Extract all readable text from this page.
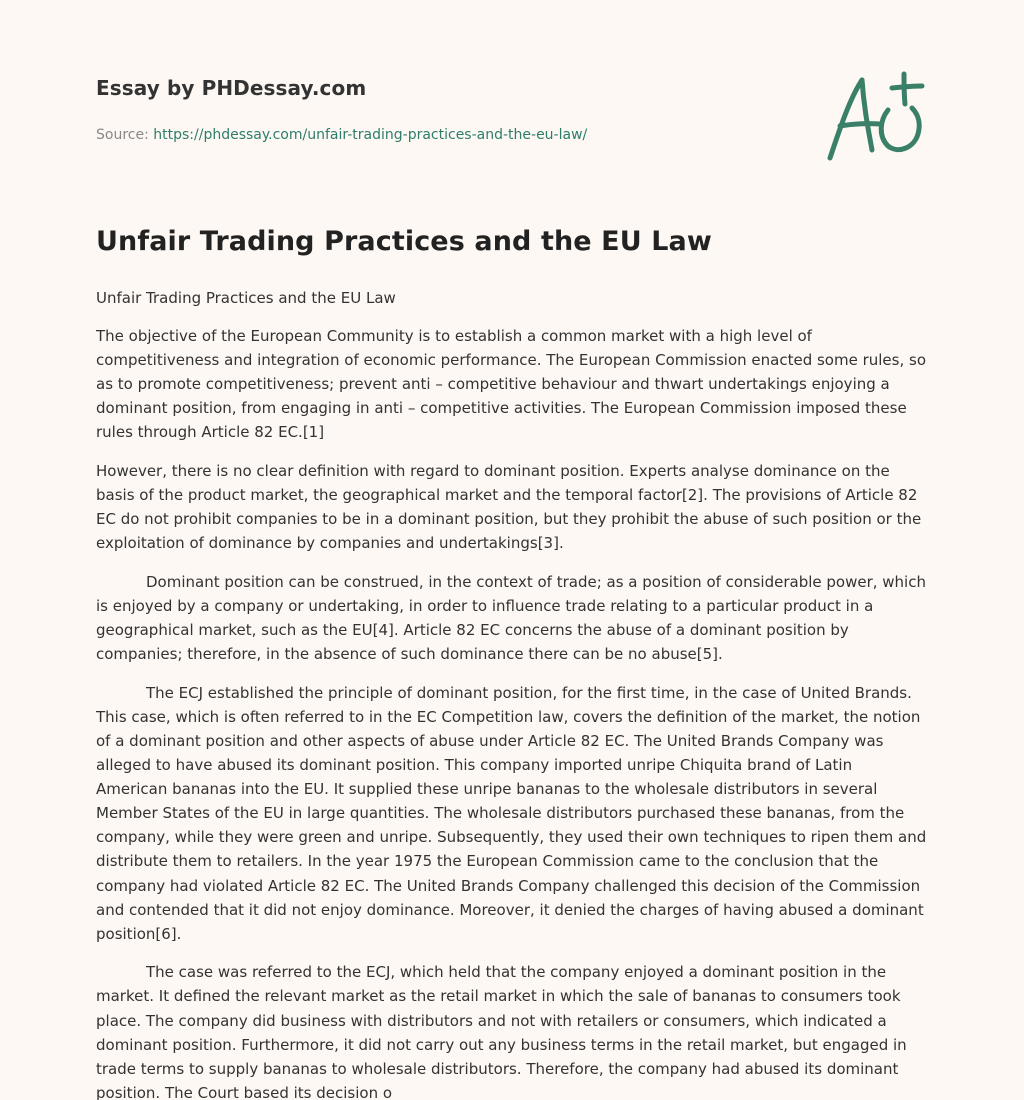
Essay by PHDessay.com
Source: https://phdessay.com/unfair-trading-practices-and-the-eu-law/
Unfair Trading Practices and the EU Law

Unfair Trading Practices and the EU Law

The objective of the European Community is to establish a common market with a high level of competitiveness and integration of economic performance. The European Commission enacted some rules, so as to promote competitiveness; prevent anti – competitive behaviour and thwart undertakings enjoying a dominant position, from engaging in anti – competitive activities. The European Commission imposed these rules through Article 82 EC.[1]

However, there is no clear definition with regard to dominant position. Experts analyse dominance on the basis of the product market, the geographical market and the temporal factor[2]. The provisions of Article 82 EC do not prohibit companies to be in a dominant position, but they prohibit the abuse of such position or the exploitation of dominance by companies and undertakings[3].

Dominant position can be construed, in the context of trade; as a position of considerable power, which is enjoyed by a company or undertaking, in order to influence trade relating to a particular product in a geographical market, such as the EU[4]. Article 82 EC concerns the abuse of a dominant position by companies; therefore, in the absence of such dominance there can be no abuse[5].

The ECJ established the principle of dominant position, for the first time, in the case of United Brands. This case, which is often referred to in the EC Competition law, covers the definition of the market, the notion of a dominant position and other aspects of abuse under Article 82 EC. The United Brands Company was alleged to have abused its dominant position. This company imported unripe Chiquita brand of Latin American bananas into the EU. It supplied these unripe bananas to the wholesale distributors in several Member States of the EU in large quantities. The wholesale distributors purchased these bananas, from the company, while they were green and unripe. Subsequently, they used their own techniques to ripen them and distribute them to retailers. In the year 1975 the European Commission came to the conclusion that the company had violated Article 82 EC. The United Brands Company challenged this decision of the Commission and contended that it did not enjoy dominance. Moreover, it denied the charges of having abused a dominant position[6].

The case was referred to the ECJ, which held that the company enjoyed a dominant position in the market. It defined the relevant market as the retail market in which the sale of bananas to consumers took place. The company did business with distributors and not with retailers or consumers, which indicated a dominant position. Furthermore, it did not carry out any business terms in the retail market, but engaged in trade terms to supply bananas to wholesale distributors. Therefore, the company had abused its dominant position. The Court based its decision o
